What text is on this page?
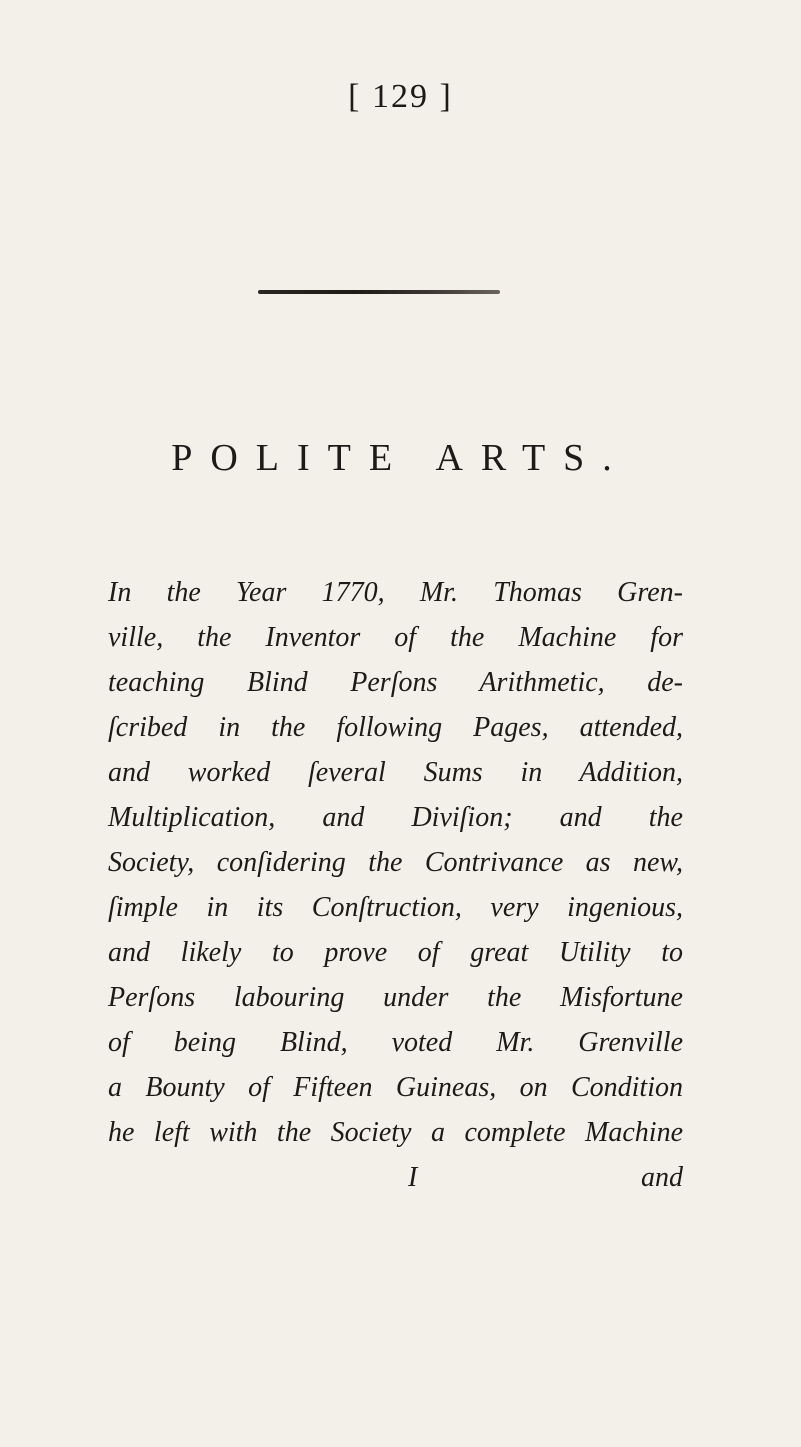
[ 129 ]
POLITE ARTS.
In the Year 1770, Mr. Thomas Gren-
ville, the Inventor of the Machine for
teaching Blind Perſons Arithmetic, de-
ſcribed in the following Pages, attended,
and worked ſeveral Sums in Addition,
Multiplication, and Diviſion; and the
Society, conſidering the Contrivance as new,
ſimple in its Conſtruction, very ingenious,
and likely to prove of great Utility to
Perſons labouring under the Misfortune
of being Blind, voted Mr. Grenville
a Bounty of Fifteen Guineas, on Condition
he left with the Society a complete Machine
I and
